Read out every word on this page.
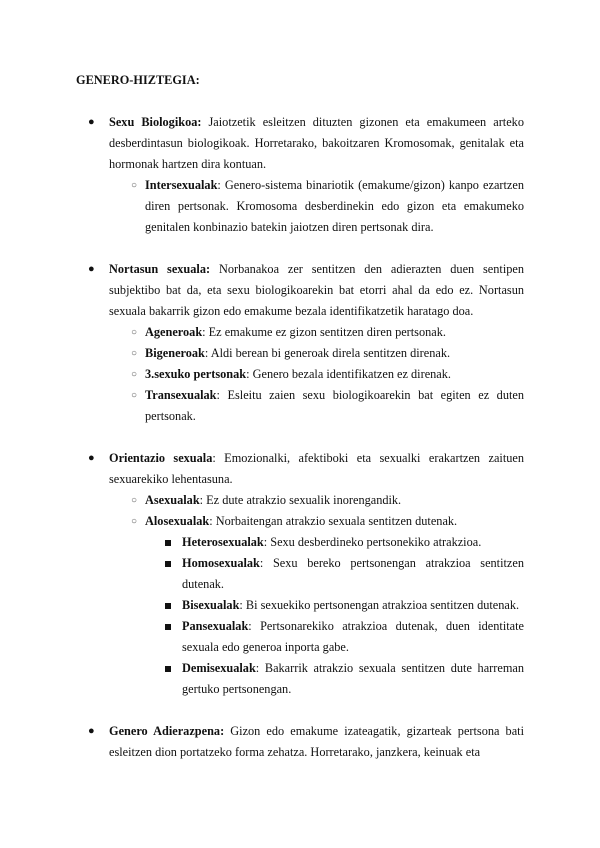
GENERO-HIZTEGIA:
● Sexu Biologikoa: Jaiotzetik esleitzen dituzten gizonen eta emakumeen arteko desberdintasun biologikoak. Horretarako, bakoitzaren Kromosomak, genitalak eta hormonak hartzen dira kontuan.
○ Intersexualak: Genero-sistema binariotik (emakume/gizon) kanpo ezartzen diren pertsonak. Kromosoma desberdinekin edo gizon eta emakumeko genitalen konbinazio batekin jaiotzen diren pertsonak dira.
● Nortasun sexuala: Norbanakoa zer sentitzen den adierazten duen sentipen subjektibo bat da, eta sexu biologikoarekin bat etorri ahal da edo ez. Nortasun sexuala bakarrik gizon edo emakume bezala identifikatzetik haratago doa.
○ Ageneroak: Ez emakume ez gizon sentitzen diren pertsonak.
○ Bigeneroak: Aldi berean bi generoak direla sentitzen direnak.
○ 3.sexuko pertsonak: Genero bezala identifikatzen ez direnak.
○ Transexualak: Esleitu zaien sexu biologikoarekin bat egiten ez duten pertsonak.
● Orientazio sexuala: Emozionalki, afektiboki eta sexualki erakartzen zaituen sexuarekiko lehentasuna.
○ Asexualak: Ez dute atrakzio sexualik inorengandik.
○ Alosexualak: Norbaitengan atrakzio sexuala sentitzen dutenak.
Heterosexualak: Sexu desberdineko pertsonekiko atrakzioa.
Homosexualak: Sexu bereko pertsonengan atrakzioa sentitzen dutenak.
Bisexualak: Bi sexuekiko pertsonengan atrakzioa sentitzen dutenak.
Pansexualak: Pertsonarekiko atrakzioa dutenak, duen identitate sexuala edo generoa inporta gabe.
Demisexualak: Bakarrik atrakzio sexuala sentitzen dute harreman gertuko pertsonengan.
● Genero Adierazpena: Gizon edo emakume izateagatik, gizarteak pertsona bati esleitzen dion portatzeko forma zehatza. Horretarako, janzkera, keinuak eta
